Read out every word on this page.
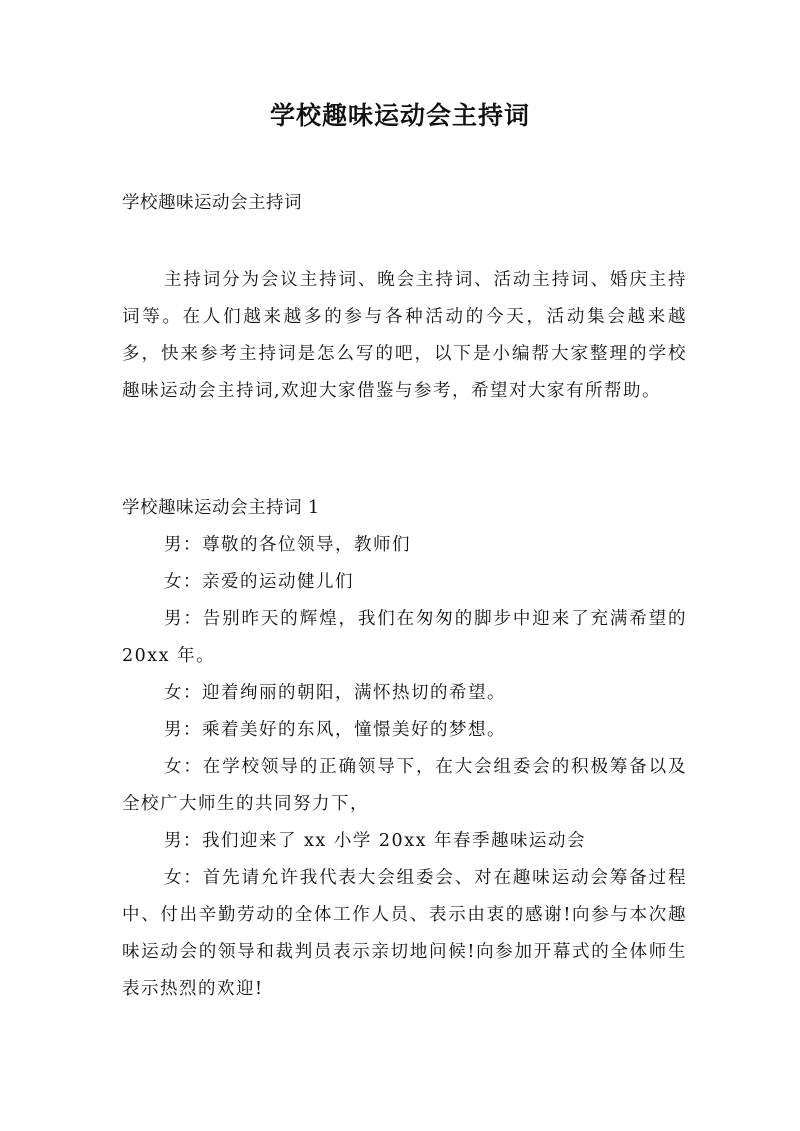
学校趣味运动会主持词
学校趣味运动会主持词

主持词分为会议主持词、晚会主持词、活动主持词、婚庆主持词等。在人们越来越多的参与各种活动的今天，活动集会越来越多，快来参考主持词是怎么写的吧，以下是小编帮大家整理的学校趣味运动会主持词,欢迎大家借鉴与参考，希望对大家有所帮助。

学校趣味运动会主持词 1
男：尊敬的各位领导，教师们
女：亲爱的运动健儿们
男：告别昨天的辉煌，我们在匆匆的脚步中迎来了充满希望的 20xx 年。
女：迎着绚丽的朝阳，满怀热切的希望。
男：乘着美好的东风，憧憬美好的梦想。
女：在学校领导的正确领导下，在大会组委会的积极筹备以及全校广大师生的共同努力下，
男：我们迎来了 xx 小学 20xx 年春季趣味运动会
女：首先请允许我代表大会组委会、对在趣味运动会筹备过程中、付出辛勤劳动的全体工作人员、表示由衷的感谢!向参与本次趣味运动会的领导和裁判员表示亲切地问候!向参加开幕式的全体师生表示热烈的欢迎!
